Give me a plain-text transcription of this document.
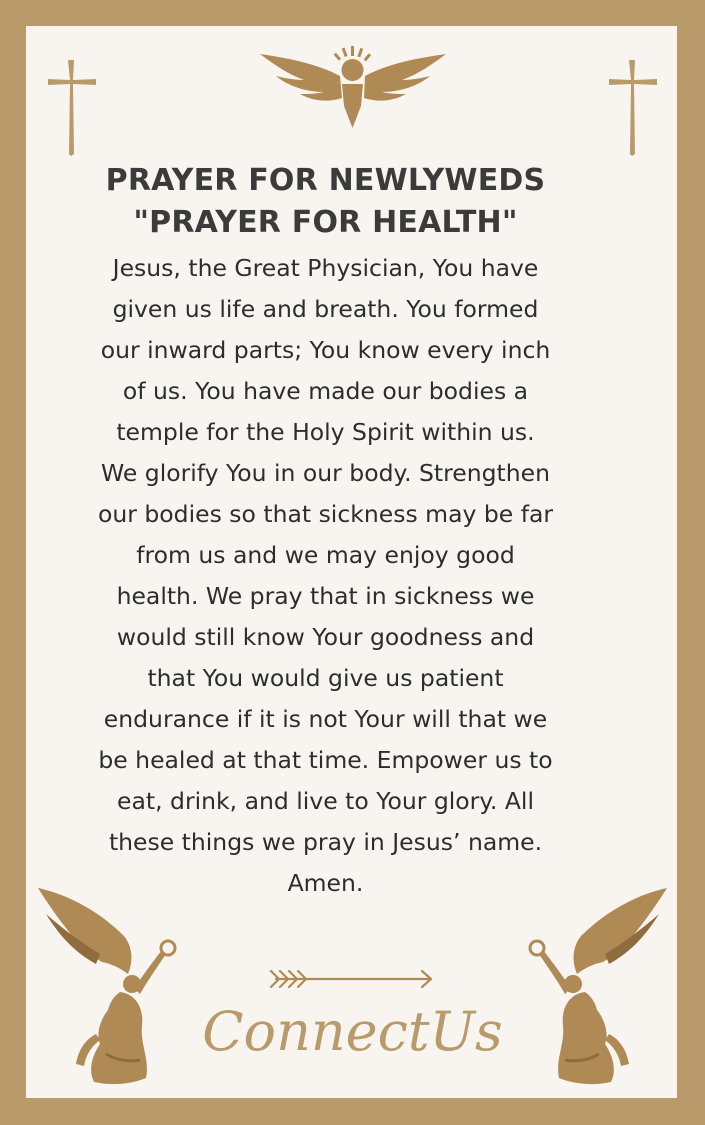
PRAYER FOR NEWLYWEDS
"PRAYER FOR HEALTH"
Jesus, the Great Physician, You have
given us life and breath. You formed
our inward parts; You know every inch
of us. You have made our bodies a
temple for the Holy Spirit within us.
We glorify You in our body. Strengthen
our bodies so that sickness may be far
from us and we may enjoy good
health. We pray that in sickness we
would still know Your goodness and
that You would give us patient
endurance if it is not Your will that we
be healed at that time. Empower us to
eat, drink, and live to Your glory. All
these things we pray in Jesus’ name.
Amen.
ConnectUs
